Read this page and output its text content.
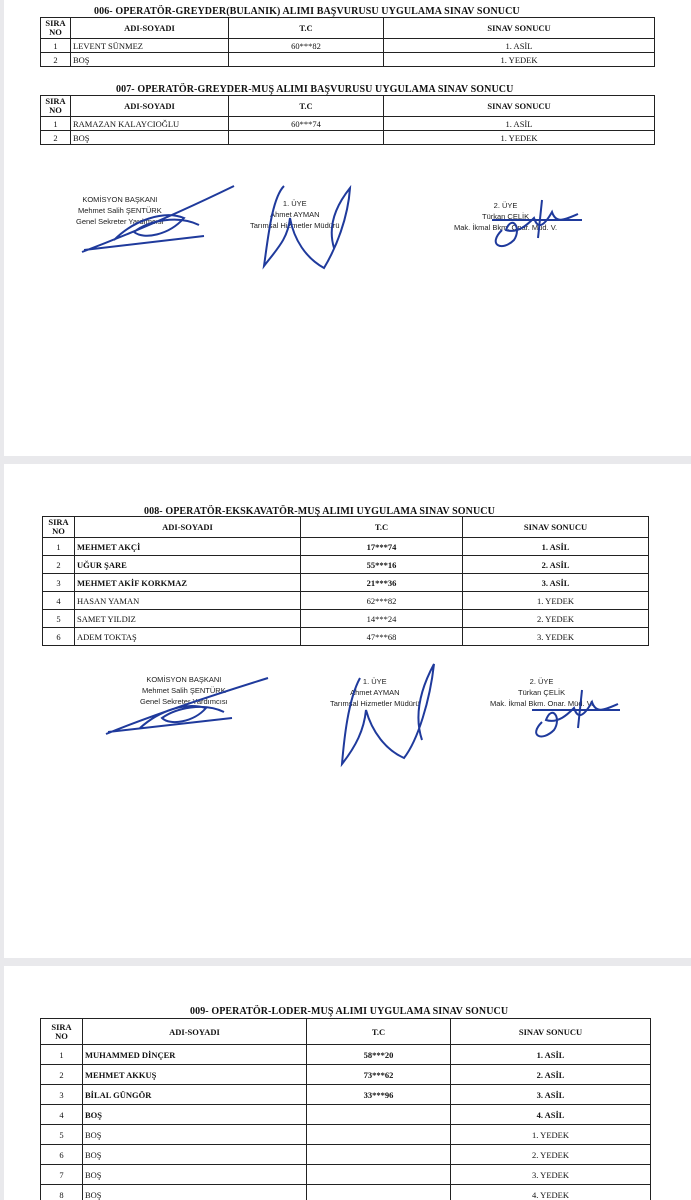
006- OPERATÖR-GREYDER(BULANIK) ALIMI BAŞVURUSU UYGULAMA SINAV SONUCU
SIRA
NO	ADI-SOYADI	T.C	SINAV SONUCU
1	LEVENT SÜNMEZ	60***82	1. ASİL
2	BOŞ		1. YEDEK
007- OPERATÖR-GREYDER-MUŞ ALIMI BAŞVURUSU UYGULAMA SINAV SONUCU
SIRA
NO	ADI-SOYADI	T.C	SINAV SONUCU
1	RAMAZAN KALAYCIOĞLU	60***74	1. ASİL
2	BOŞ		1. YEDEK
KOMİSYON BAŞKANI
Mehmet Salih ŞENTÜRK
Genel Sekreter Yardımcısı
1. ÜYE
Ahmet AYMAN
Tarımsal Hizmetler Müdürü
2. ÜYE
Türkan ÇELİK
Mak. İkmal Bkm. Onar. Müd. V.
008- OPERATÖR-EKSKAVATÖR-MUŞ ALIMI UYGULAMA SINAV SONUCU
SIRA
NO	ADI-SOYADI	T.C	SINAV SONUCU
1	MEHMET AKÇİ	17***74	1. ASİL
2	UĞUR ŞARE	55***16	2. ASİL
3	MEHMET AKİF KORKMAZ	21***36	3. ASİL
4	HASAN YAMAN	62***82	1. YEDEK
5	SAMET YILDIZ	14***24	2. YEDEK
6	ADEM TOKTAŞ	47***68	3. YEDEK
KOMİSYON BAŞKANI
Mehmet Salih ŞENTÜRK
Genel Sekreter Yardımcısı
1. ÜYE
Ahmet AYMAN
Tarımsal Hizmetler Müdürü
2. ÜYE
Türkan ÇELİK
Mak. İkmal Bkm. Onar. Müd. V.
009- OPERATÖR-LODER-MUŞ ALIMI UYGULAMA SINAV SONUCU
SIRA
NO	ADI-SOYADI	T.C	SINAV SONUCU
1	MUHAMMED DİNÇER	58***20	1. ASİL
2	MEHMET AKKUŞ	73***62	2. ASİL
3	BİLAL GÜNGÖR	33***96	3. ASİL
4	BOŞ		4. ASİL
5	BOŞ		1. YEDEK
6	BOŞ		2. YEDEK
7	BOŞ		3. YEDEK
8	BOŞ		4. YEDEK
